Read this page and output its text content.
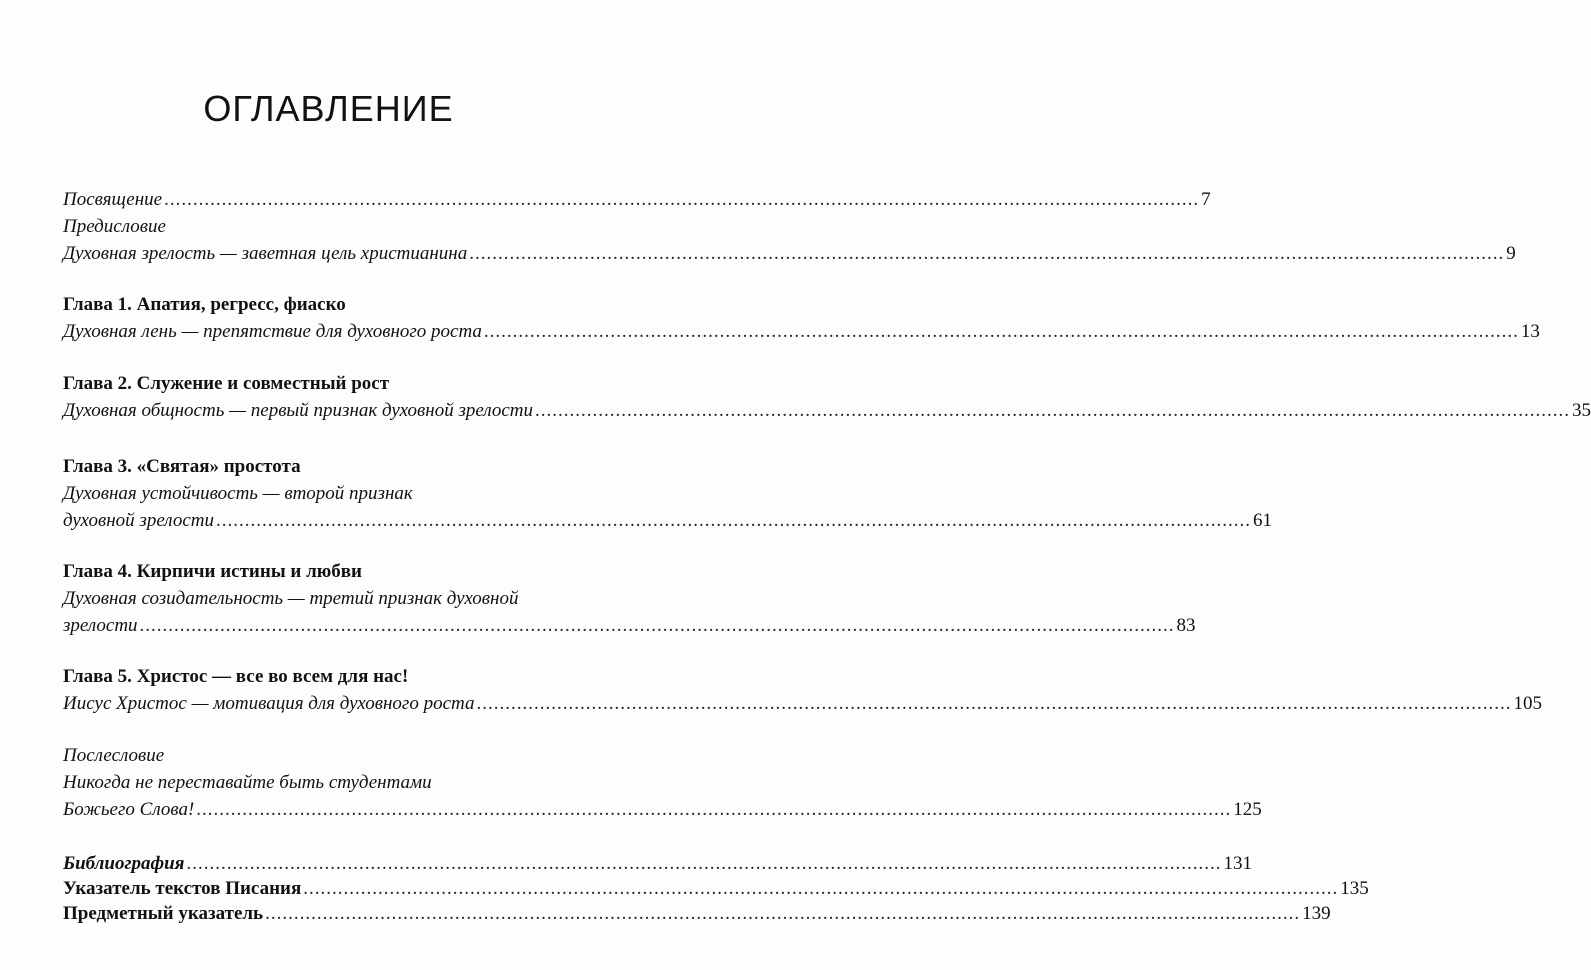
ОГЛАВЛЕНИЕ
Посвящение .................................................................................................................................................................................... 7
Предисловие
Духовная зрелость — заветная цель христианина .................................................................................................................................................................................... 9
Глава 1. Апатия, регресс, фиаско
Духовная лень — препятствие для духовного роста .................................................................................................................................................................................... 13
Глава 2. Служение и совместный рост
Духовная общность — первый признак духовной зрелости .................................................................................................................................................................................... 35
Глава 3. «Святая» простота
Духовная устойчивость — второй признак
духовной зрелости .................................................................................................................................................................................... 61
Глава 4. Кирпичи истины и любви
Духовная созидательность — третий признак духовной
зрелости .................................................................................................................................................................................... 83
Глава 5. Христос — все во всем для нас!
Иисус Христос — мотивация для духовного роста .................................................................................................................................................................................... 105
Послесловие
Никогда не переставайте быть студентами
Божьего Слова! .................................................................................................................................................................................... 125
Библиография .................................................................................................................................................................................... 131
Указатель текстов Писания .................................................................................................................................................................................... 135
Предметный указатель .................................................................................................................................................................................... 139
